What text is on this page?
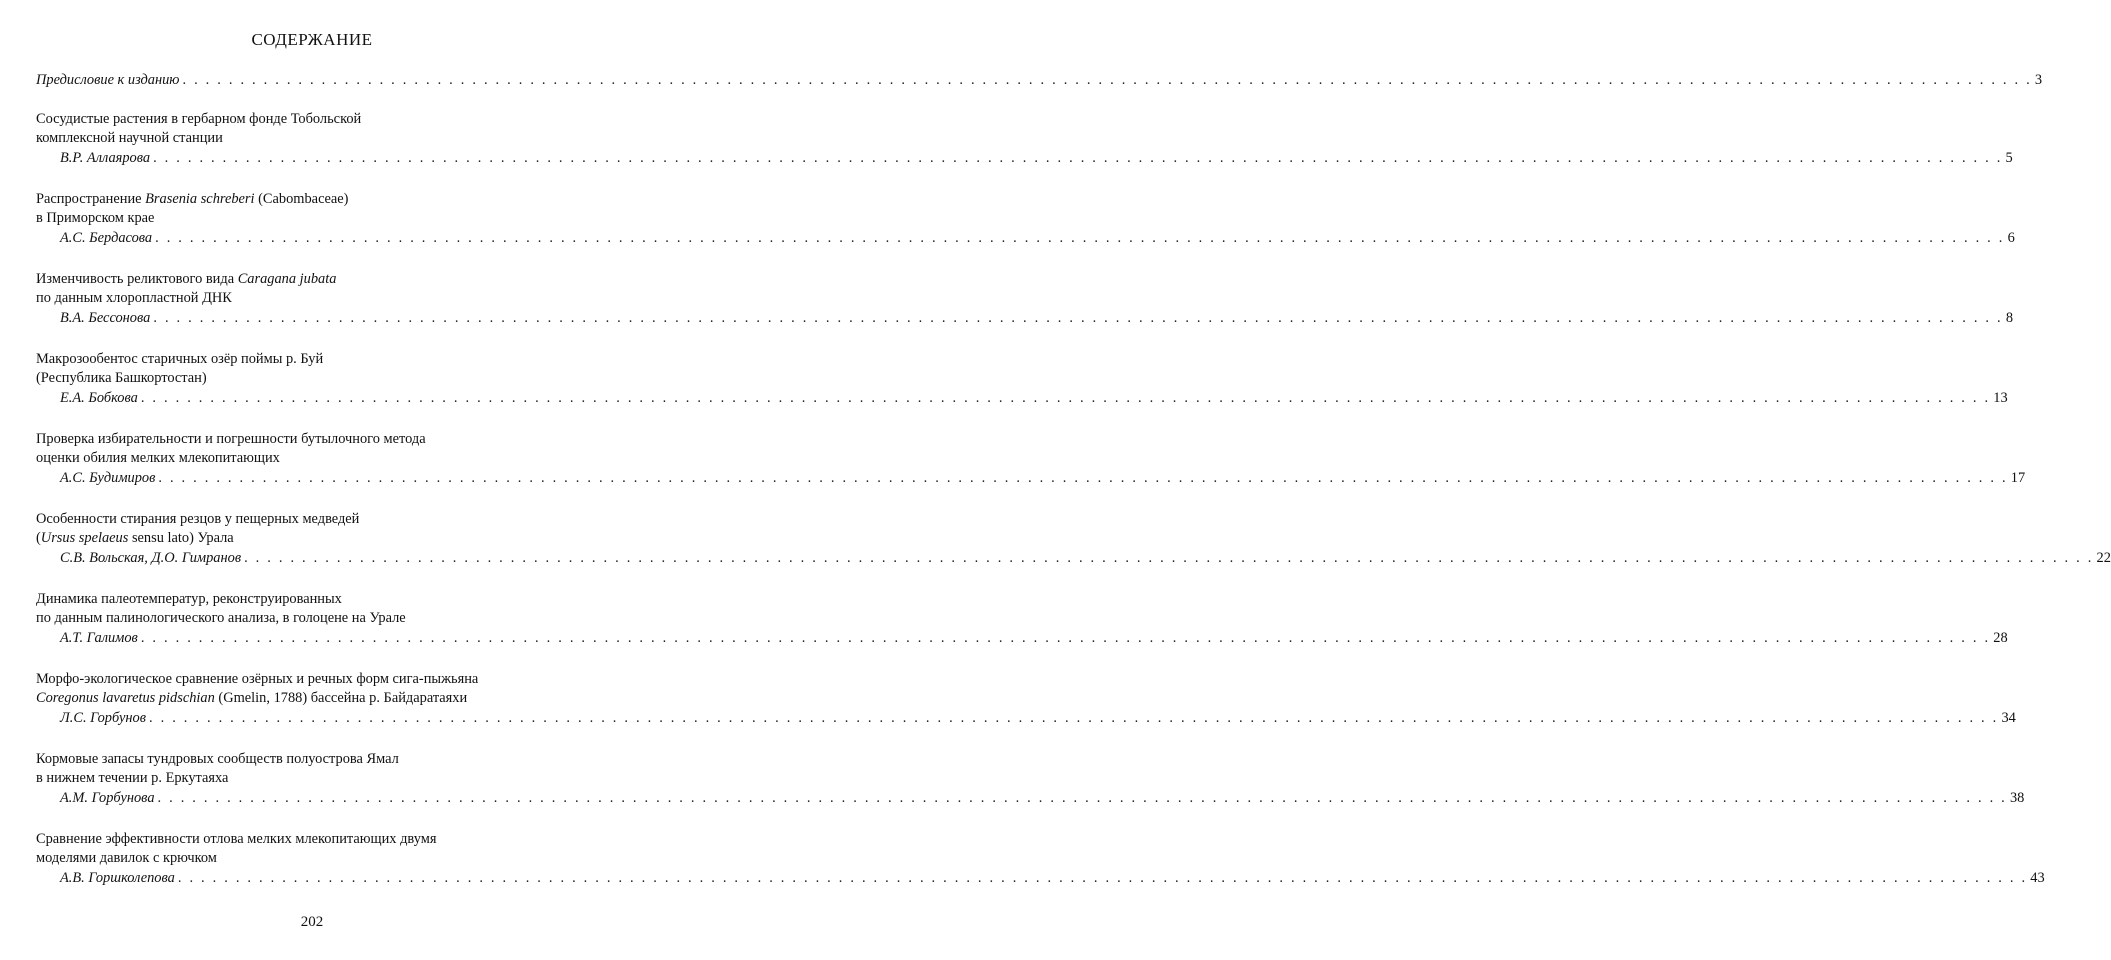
СОДЕРЖАНИЕ
Предисловие к изданию . . . . . . . . . . . . . . . . . . . . . . . . . . . . . . . . . . . . . . . . . . . . . . . . . . . . . . . . . . . . . . . . . . . . . . . . . . . . . . . . . . . . . . . . . . . . . . . . . . . . . . . . . . . . . . . . . . . . . . . . . . . . . . . . . . . . . . . . . . . . . . . . . . . . . . . . . . . . . . . . 3
Сосудистые растения в гербарном фонде Тобольской
комплексной научной станции
В.Р. Аллаярова . . . . . . . . . . . . . . . . . . . . . . . . . . . . . . . . . . . . . . . . . . . . . . . . . . . . . . . . . . . . . . . . . . . . . . . . . . . . . . . . . . . . . . . . . . . . . . . . . . . . . . . . . . . . . . . . . . . . . . . . . . . . . . . . . . . . . . . . . . . . . . . . . . . . . . . . . . . . . . . . 5
Распространение Brasenia schreberi (Cabombaceae)
в Приморском крае
А.С. Бердасова . . . . . . . . . . . . . . . . . . . . . . . . . . . . . . . . . . . . . . . . . . . . . . . . . . . . . . . . . . . . . . . . . . . . . . . . . . . . . . . . . . . . . . . . . . . . . . . . . . . . . . . . . . . . . . . . . . . . . . . . . . . . . . . . . . . . . . . . . . . . . . . . . . . . . . . . . . . . . . . . 6
Изменчивость реликтового вида Caragana jubata
по данным хлоропластной ДНК
В.А. Бессонова . . . . . . . . . . . . . . . . . . . . . . . . . . . . . . . . . . . . . . . . . . . . . . . . . . . . . . . . . . . . . . . . . . . . . . . . . . . . . . . . . . . . . . . . . . . . . . . . . . . . . . . . . . . . . . . . . . . . . . . . . . . . . . . . . . . . . . . . . . . . . . . . . . . . . . . . . . . . . . . . 8
Макрозообентос старичных озёр поймы р. Буй
(Республика Башкортостан)
Е.А. Бобкова . . . . . . . . . . . . . . . . . . . . . . . . . . . . . . . . . . . . . . . . . . . . . . . . . . . . . . . . . . . . . . . . . . . . . . . . . . . . . . . . . . . . . . . . . . . . . . . . . . . . . . . . . . . . . . . . . . . . . . . . . . . . . . . . . . . . . . . . . . . . . . . . . . . . . . . . . . . . . . . . 13
Проверка избирательности и погрешности бутылочного метода
оценки обилия мелких млекопитающих
А.С. Будимиров . . . . . . . . . . . . . . . . . . . . . . . . . . . . . . . . . . . . . . . . . . . . . . . . . . . . . . . . . . . . . . . . . . . . . . . . . . . . . . . . . . . . . . . . . . . . . . . . . . . . . . . . . . . . . . . . . . . . . . . . . . . . . . . . . . . . . . . . . . . . . . . . . . . . . . . . . . . . . . . . 17
Особенности стирания резцов у пещерных медведей
(Ursus spelaeus sensu lato) Урала
С.В. Вольская, Д.О. Гимранов . . . . . . . . . . . . . . . . . . . . . . . . . . . . . . . . . . . . . . . . . . . . . . . . . . . . . . . . . . . . . . . . . . . . . . . . . . . . . . . . . . . . . . . . . . . . . . . . . . . . . . . . . . . . . . . . . . . . . . . . . . . . . . . . . . . . . . . . . . . . . . . . . . . . . . . . . . . . . . . . 22
Динамика палеотемператур, реконструированных
по данным палинологического анализа, в голоцене на Урале
А.Т. Галимов . . . . . . . . . . . . . . . . . . . . . . . . . . . . . . . . . . . . . . . . . . . . . . . . . . . . . . . . . . . . . . . . . . . . . . . . . . . . . . . . . . . . . . . . . . . . . . . . . . . . . . . . . . . . . . . . . . . . . . . . . . . . . . . . . . . . . . . . . . . . . . . . . . . . . . . . . . . . . . . . 28
Морфо-экологическое сравнение озёрных и речных форм сига-пыжьяна
Coregonus lavaretus pidschian (Gmelin, 1788) бассейна р. Байдаратаяхи
Л.С. Горбунов . . . . . . . . . . . . . . . . . . . . . . . . . . . . . . . . . . . . . . . . . . . . . . . . . . . . . . . . . . . . . . . . . . . . . . . . . . . . . . . . . . . . . . . . . . . . . . . . . . . . . . . . . . . . . . . . . . . . . . . . . . . . . . . . . . . . . . . . . . . . . . . . . . . . . . . . . . . . . . . . 34
Кормовые запасы тундровых сообществ полуострова Ямал
в нижнем течении р. Еркутаяха
А.М. Горбунова . . . . . . . . . . . . . . . . . . . . . . . . . . . . . . . . . . . . . . . . . . . . . . . . . . . . . . . . . . . . . . . . . . . . . . . . . . . . . . . . . . . . . . . . . . . . . . . . . . . . . . . . . . . . . . . . . . . . . . . . . . . . . . . . . . . . . . . . . . . . . . . . . . . . . . . . . . . . . . . . 38
Сравнение эффективности отлова мелких млекопитающих двумя
моделями давилок с крючком
А.В. Горшколепова . . . . . . . . . . . . . . . . . . . . . . . . . . . . . . . . . . . . . . . . . . . . . . . . . . . . . . . . . . . . . . . . . . . . . . . . . . . . . . . . . . . . . . . . . . . . . . . . . . . . . . . . . . . . . . . . . . . . . . . . . . . . . . . . . . . . . . . . . . . . . . . . . . . . . . . . . . . . . . . . 43
202
